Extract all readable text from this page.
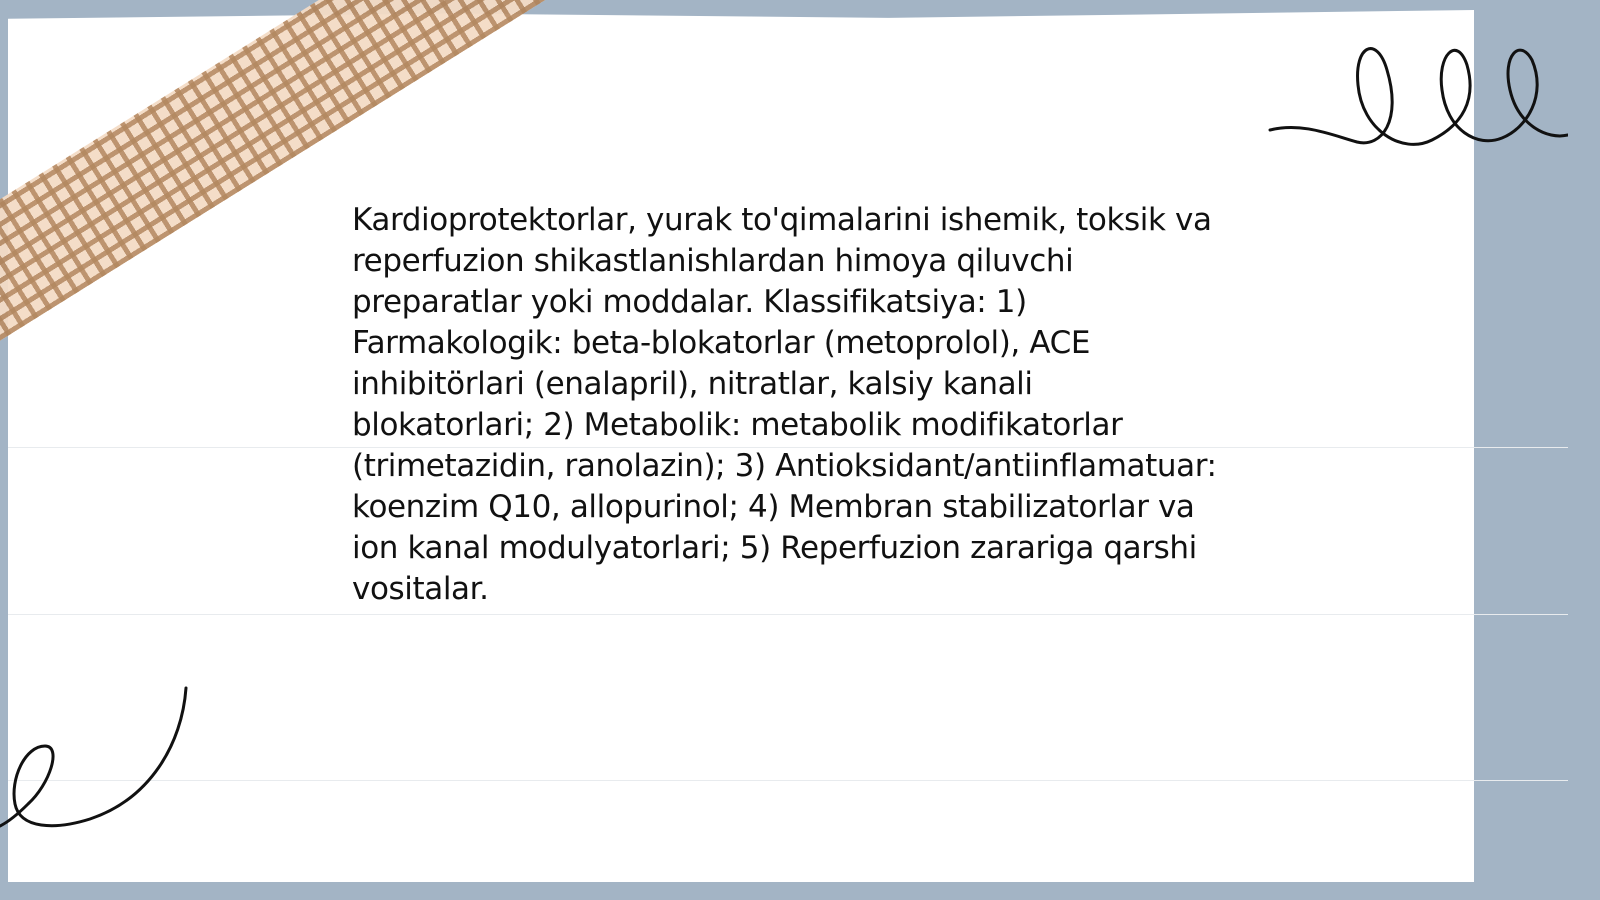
Kardioprotektorlar, yurak to'qimalarini ishemik, toksik va reperfuzion shikastlanishlardan himoya qiluvchi preparatlar yoki moddalar. Klassifikatsiya: 1) Farmakologik: beta-blokatorlar (metoprolol), ACE inhibitörlari (enalapril), nitratlar, kalsiy kanali blokatorlari; 2) Metabolik: metabolik modifikatorlar (trimetazidin, ranolazin); 3) Antioksidant/antiinflamatuar: koenzim Q10, allopurinol; 4) Membran stabilizatorlar va ion kanal modulyatorlari; 5) Reperfuzion zarariga qarshi vositalar.
